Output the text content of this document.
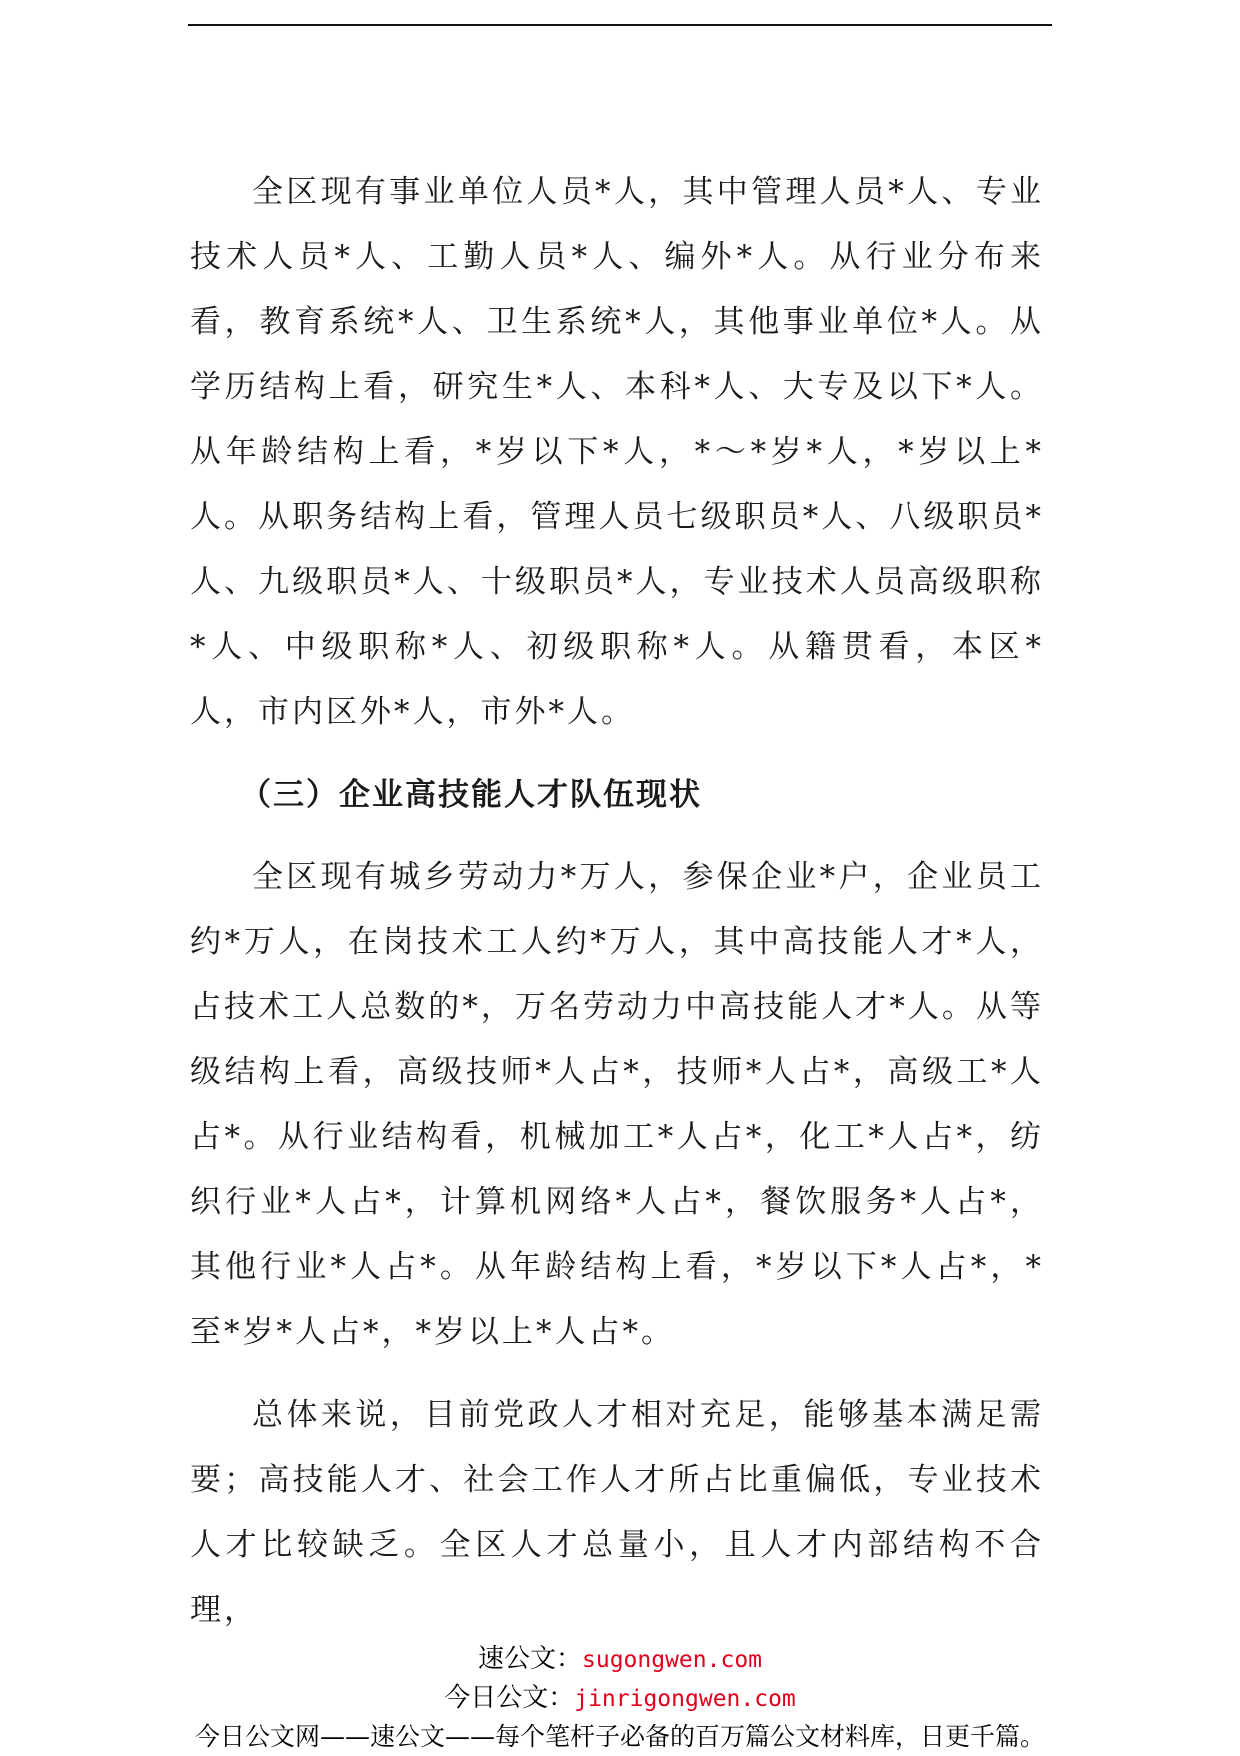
全区现有事业单位人员*人，其中管理人员*人、专业技术人员*人、工勤人员*人、编外*人。从行业分布来看，教育系统*人、卫生系统*人，其他事业单位*人。从学历结构上看，研究生*人、本科*人、大专及以下*人。从年龄结构上看，*岁以下*人，*～*岁*人，*岁以上*人。从职务结构上看，管理人员七级职员*人、八级职员*人、九级职员*人、十级职员*人，专业技术人员高级职称*人、中级职称*人、初级职称*人。从籍贯看，本区*人，市内区外*人，市外*人。

（三）企业高技能人才队伍现状

全区现有城乡劳动力*万人，参保企业*户，企业员工约*万人，在岗技术工人约*万人，其中高技能人才*人，占技术工人总数的*，万名劳动力中高技能人才*人。从等级结构上看，高级技师*人占*，技师*人占*，高级工*人占*。从行业结构看，机械加工*人占*，化工*人占*，纺织行业*人占*，计算机网络*人占*，餐饮服务*人占*，其他行业*人占*。从年龄结构上看，*岁以下*人占*，*至*岁*人占*，*岁以上*人占*。

总体来说，目前党政人才相对充足，能够基本满足需要；高技能人才、社会工作人才所占比重偏低，专业技术人才比较缺乏。全区人才总量小，且人才内部结构不合理，

速公文：sugongwen.com
今日公文：jinrigongwen.com
今日公文网——速公文——每个笔杆子必备的百万篇公文材料库，日更千篇。
